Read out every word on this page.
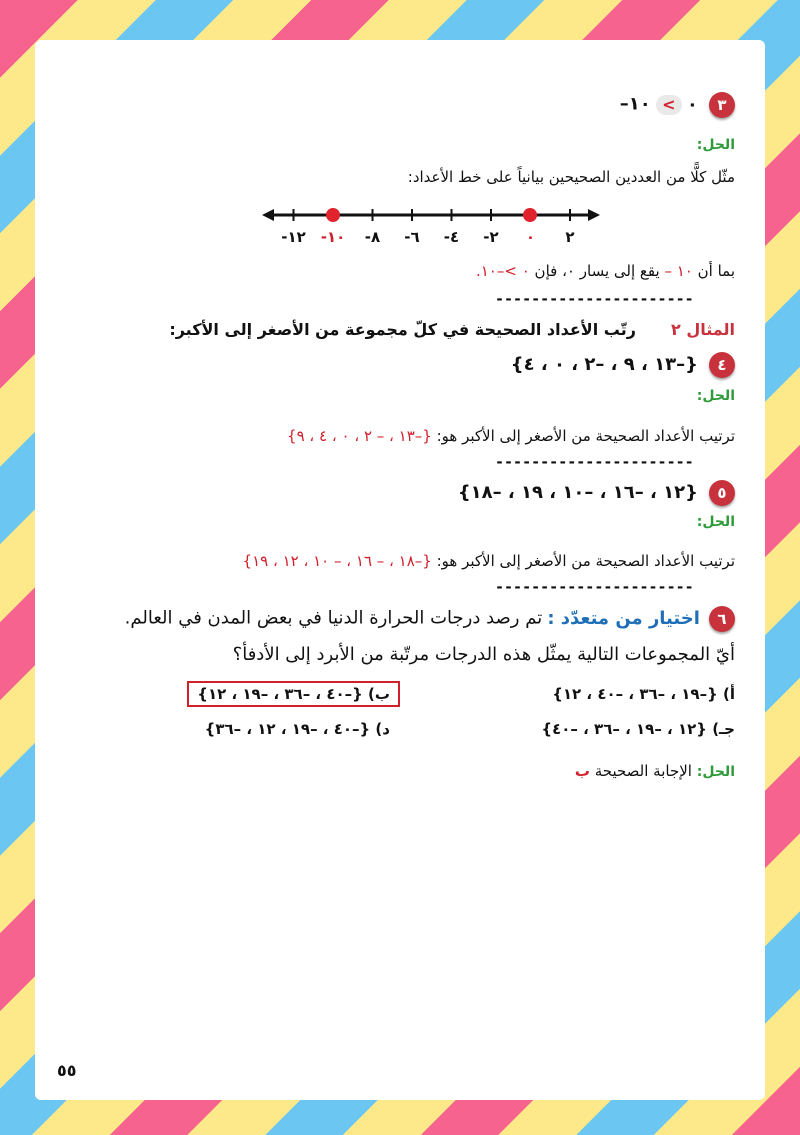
٣ ٠ > –١٠
الحل:
مثّل كلًّا من العددين الصحيحين بيانياً على خط الأعداد:
٢
٠
-٢
-٤
-٦
-٨
-١٠
-١٢
بما أن – ١٠ يقع إلى يسار ٠، فإن ٠ >–١٠.
----------------------
المثال ٢ رتّب الأعداد الصحيحة في كلّ مجموعة من الأصغر إلى الأكبر:
٤ {–١٣ ، ٩ ، –٢ ، ٠ ، ٤}
الحل:
ترتيب الأعداد الصحيحة من الأصغر إلى الأكبر هو: {–١٣ ، – ٢ ، ٠ ، ٤ ، ٩}
----------------------
٥ {١٢ ، –١٦ ، –١٠ ، ١٩ ، –١٨}
الحل:
ترتيب الأعداد الصحيحة من الأصغر إلى الأكبر هو: {–١٨ ، – ١٦ ، – ١٠ ، ١٢ ، ١٩}
----------------------
٦ اختيار من متعدّد : تم رصد درجات الحرارة الدنيا في بعض المدن في العالم.
أيّ المجموعات التالية يمثّل هذه الدرجات مرتّبة من الأبرد إلى الأدفأ؟
أ) {–١٩ ، –٣٦ ، –٤٠ ، ١٢}
ب) {–٤٠ ، –٣٦ ، –١٩ ، ١٢}
جـ) {١٢ ، –١٩ ، –٣٦ ، –٤٠}
د) {–٤٠ ، –١٩ ، ١٢ ، –٣٦}
الحل: الإجابة الصحيحة ب
٥٥
